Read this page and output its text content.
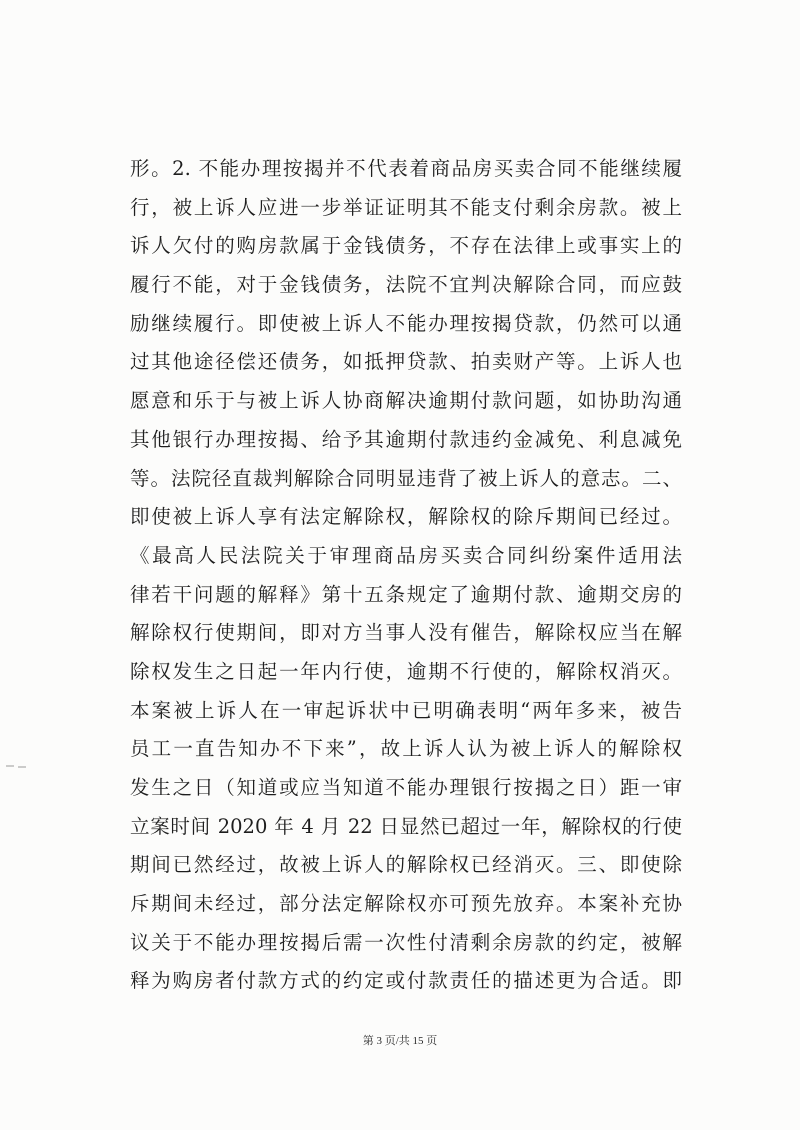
形。2. 不能办理按揭并不代表着商品房买卖合同不能继续履
行，被上诉人应进一步举证证明其不能支付剩余房款。被上
诉人欠付的购房款属于金钱债务，不存在法律上或事实上的
履行不能，对于金钱债务，法院不宜判决解除合同，而应鼓
励继续履行。即使被上诉人不能办理按揭贷款，仍然可以通
过其他途径偿还债务，如抵押贷款、拍卖财产等。上诉人也
愿意和乐于与被上诉人协商解决逾期付款问题，如协助沟通
其他银行办理按揭、给予其逾期付款违约金减免、利息减免
等。法院径直裁判解除合同明显违背了被上诉人的意志。二、
即使被上诉人享有法定解除权，解除权的除斥期间已经过。
《最高人民法院关于审理商品房买卖合同纠纷案件适用法
律若干问题的解释》第十五条规定了逾期付款、逾期交房的
解除权行使期间，即对方当事人没有催告，解除权应当在解
除权发生之日起一年内行使，逾期不行使的，解除权消灭。
本案被上诉人在一审起诉状中已明确表明“两年多来，被告
员工一直告知办不下来”，故上诉人认为被上诉人的解除权
发生之日（知道或应当知道不能办理银行按揭之日）距一审
立案时间 2020 年 4 月 22 日显然已超过一年，解除权的行使
期间已然经过，故被上诉人的解除权已经消灭。三、即使除
斥期间未经过，部分法定解除权亦可预先放弃。本案补充协
议关于不能办理按揭后需一次性付清剩余房款的约定，被解
释为购房者付款方式的约定或付款责任的描述更为合适。即
第 3 页/共 15 页
